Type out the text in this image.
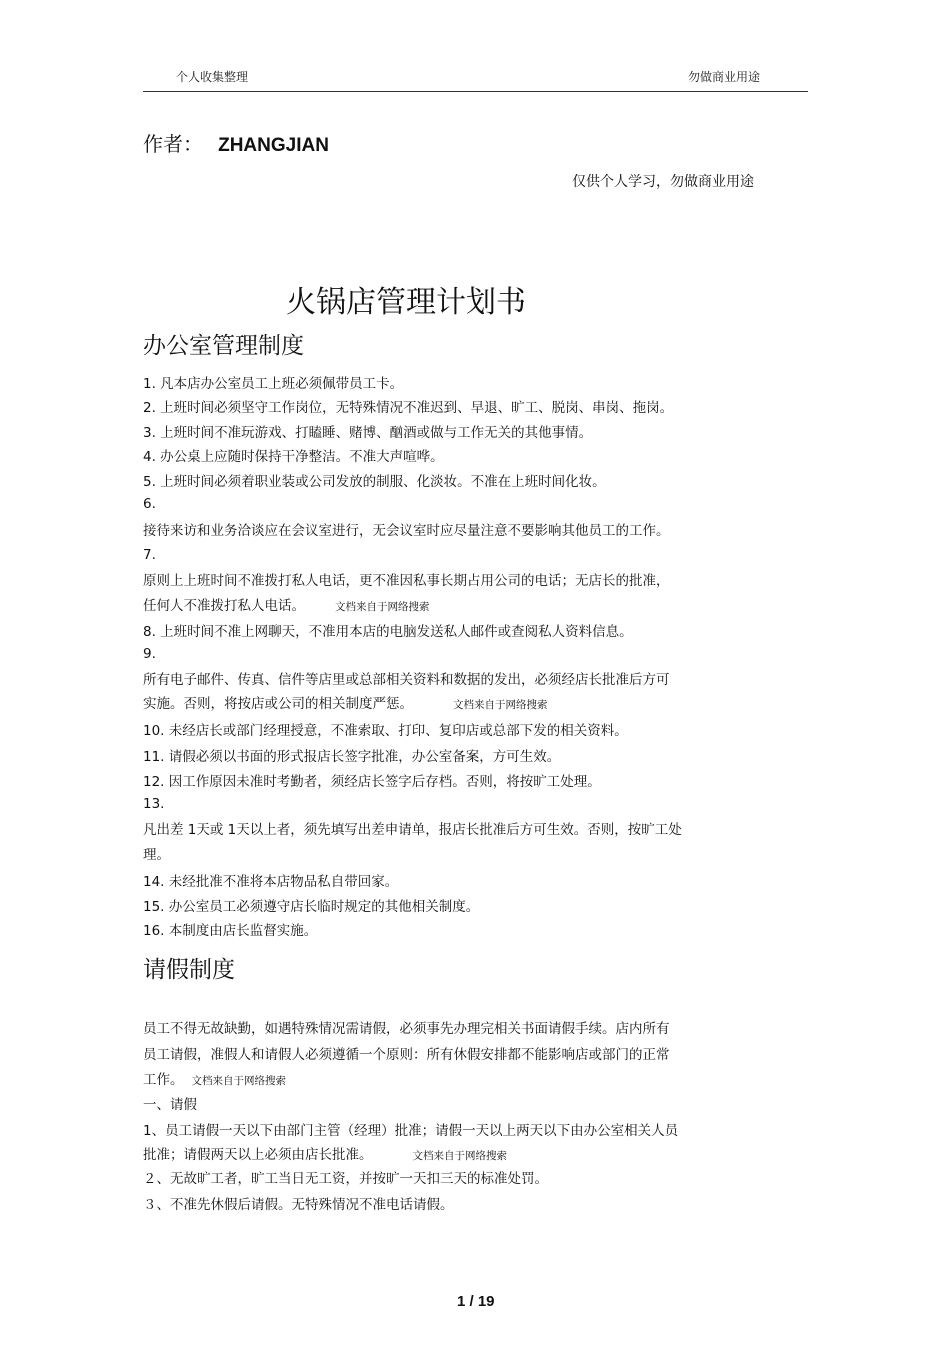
个人收集整理	勿做商业用途
作者： ZHANGJIAN
仅供个人学习，勿做商业用途
火锅店管理计划书
办公室管理制度
1. 凡本店办公室员工上班必须佩带员工卡。
2. 上班时间必须坚守工作岗位，无特殊情况不准迟到、早退、旷工、脱岗、串岗、拖岗。
3. 上班时间不准玩游戏、打瞌睡、赌博、酗酒或做与工作无关的其他事情。
4. 办公桌上应随时保持干净整洁。不准大声喧哗。
5. 上班时间必须着职业装或公司发放的制服、化淡妆。不准在上班时间化妆。
6.
接待来访和业务洽谈应在会议室进行，无会议室时应尽量注意不要影响其他员工的工作。
7.
原则上上班时间不准拨打私人电话，更不准因私事长期占用公司的电话；无店长的批准，
任何人不准拨打私人电话。	文档来自于网络搜索
8. 上班时间不准上网聊天，不准用本店的电脑发送私人邮件或查阅私人资料信息。
9.
所有电子邮件、传真、信件等店里或总部相关资料和数据的发出，必须经店长批准后方可
实施。否则，将按店或公司的相关制度严惩。	文档来自于网络搜索
10. 未经店长或部门经理授意，不准索取、打印、复印店或总部下发的相关资料。
11. 请假必须以书面的形式报店长签字批准，办公室备案，方可生效。
12. 因工作原因未准时考勤者，须经店长签字后存档。否则，将按旷工处理。
13.
凡出差 1天或 1天以上者，须先填写出差申请单，报店长批准后方可生效。否则，按旷工处
理。
14. 未经批准不准将本店物品私自带回家。
15. 办公室员工必须遵守店长临时规定的其他相关制度。
16. 本制度由店长监督实施。
请假制度
员工不得无故缺勤，如遇特殊情况需请假，必须事先办理完相关书面请假手续。店内所有
员工请假，准假人和请假人必须遵循一个原则：所有休假安排都不能影响店或部门的正常
工作。 文档来自于网络搜索
一、请假
1、员工请假一天以下由部门主管（经理）批准；请假一天以上两天以下由办公室相关人员
批准；请假两天以上必须由店长批准。	文档来自于网络搜索
２、无故旷工者，旷工当日无工资，并按旷一天扣三天的标准处罚。
３、不准先休假后请假。无特殊情况不准电话请假。
1 / 19
